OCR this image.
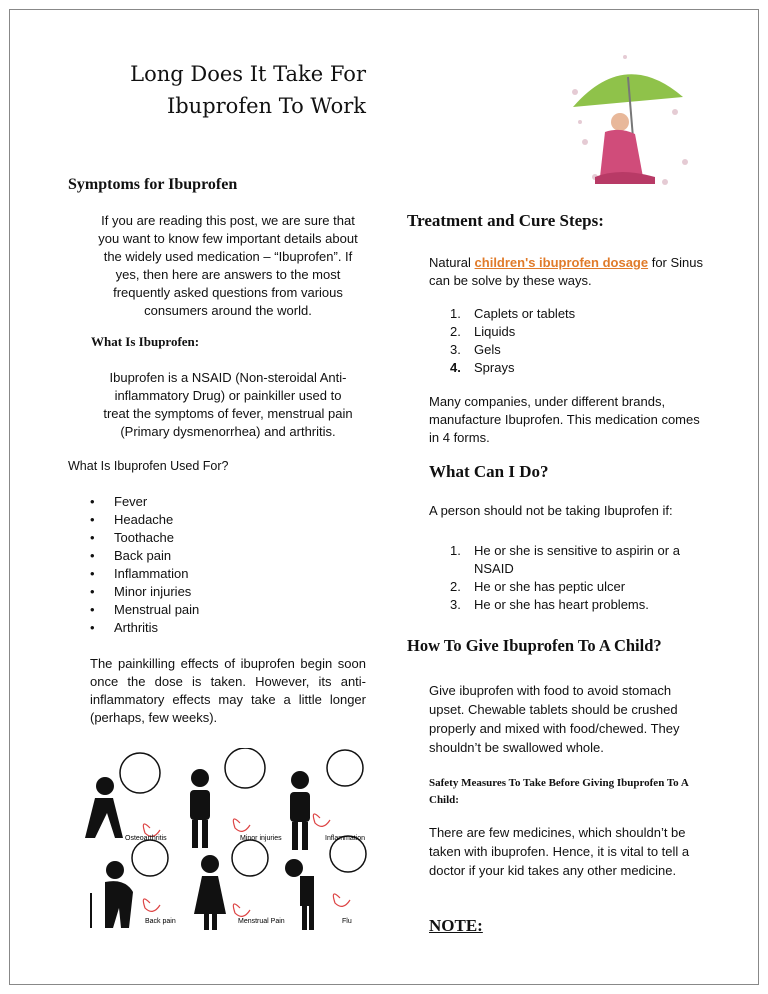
Long Does It Take For
Ibuprofen To Work
Symptoms for Ibuprofen

If you are reading this post, we are sure that

you want to know few important details about

the widely used medication – “Ibuprofen”. If

yes, then here are answers to the most

frequently asked questions from various

consumers around the world.

What Is Ibuprofen:

Ibuprofen is a NSAID (Non-steroidal Anti-

inflammatory Drug) or painkiller used to

treat the symptoms of fever, menstrual pain

(Primary dysmenorrhea) and arthritis.

What Is Ibuprofen Used For?
•	Fever
•	Headache
•	Toothache
•	Back pain
•	Inflammation
•	Minor injuries
•	Menstrual pain
•	Arthritis

The painkilling effects of ibuprofen begin soon once the dose is taken. However, its anti-inflammatory effects may take a little longer (perhaps, few weeks).

Osteoarthritis	Minor injuries	Inflammation
Back pain	Menstrual Pain	Flu
Treatment and Cure Steps:

Natural children's ibuprofen dosage for Sinus can be solve by these ways.

1.	Caplets or tablets
2.	Liquids
3.	Gels
4.	Sprays

Many companies, under different brands, manufacture Ibuprofen. This medication comes in 4 forms.

What Can I Do?

A person should not be taking Ibuprofen if:

1.	He or she is sensitive to aspirin or a NSAID
2.	He or she has peptic ulcer
3.	He or she has heart problems.
How To Give Ibuprofen To A Child?

Give ibuprofen with food to avoid stomach upset. Chewable tablets should be crushed properly and mixed with food/chewed. They shouldn’t be swallowed whole.

Safety Measures To Take Before Giving Ibuprofen To A Child:

There are few medicines, which shouldn’t be taken with ibuprofen. Hence, it is vital to tell a doctor if your kid takes any other medicine.

NOTE:
